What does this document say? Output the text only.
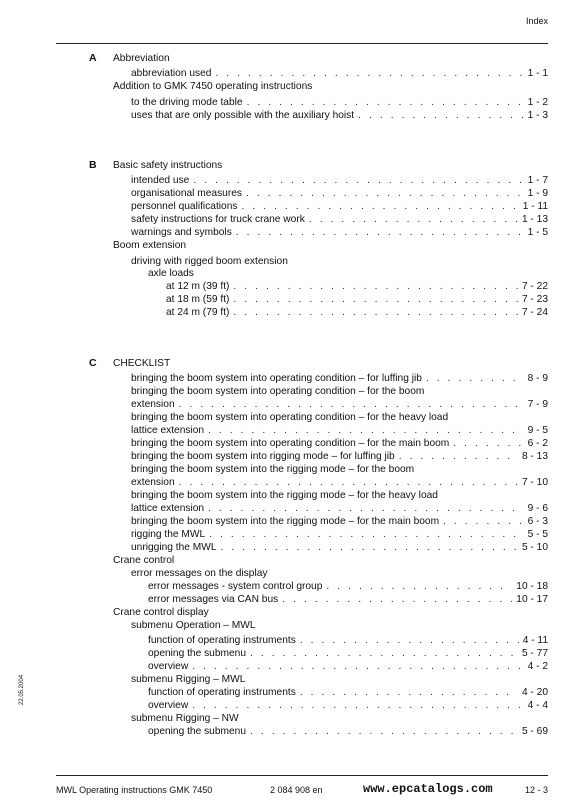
Index
A
B
C
Abbreviation
abbreviation used . . .	1 - 1
Addition to GMK 7450 operating instructions
to the driving mode table . . .	1 - 2
uses that are only possible with the auxiliary hoist . . .	1 - 3
Basic safety instructions
intended use . . .	1 - 7
organisational measures . . .	1 - 9
personnel qualifications . . .	1 - 11
safety instructions for truck crane work . . .	1 - 13
warnings and symbols . . .	1 - 5
Boom extension
driving with rigged boom extension
axle loads
at 12 m (39 ft) . . .	7 - 22
at 18 m (59 ft) . . .	7 - 23
at 24 m (79 ft) . . .	7 - 24
CHECKLIST
bringing the boom system into operating condition – for luffing jib . . .	8 - 9
bringing the boom system into operating condition – for the boom
extension . . .	7 - 9
bringing the boom system into operating condition – for the heavy load
lattice extension . . .	9 - 5
bringing the boom system into operating condition – for the main boom . . .	6 - 2
bringing the boom system into rigging mode – for luffing jib . . .	8 - 13
bringing the boom system into the rigging mode – for the boom
extension . . .	7 - 10
bringing the boom system into the rigging mode – for the heavy load
lattice extension . . .	9 - 6
bringing the boom system into the rigging mode – for the main boom . . .	6 - 3
rigging the MWL . . .	5 - 5
unrigging the MWL . . .	5 - 10
Crane control
error messages on the display
error messages - system control group . . .	10 - 18
error messages via CAN bus . . .	10 - 17
Crane control display
submenu Operation – MWL
function of operating instruments . . .	4 - 11
opening the submenu . . .	5 - 77
overview . . .	4 - 2
submenu Rigging – MWL
function of operating instruments . . .	4 - 20
overview . . .	4 - 4
submenu Rigging – NW
opening the submenu . . .	5 - 69
22.05.2004
MWL Operating instructions GMK 7450	2 084 908 en	www.epcatalogs.com	12 - 3
